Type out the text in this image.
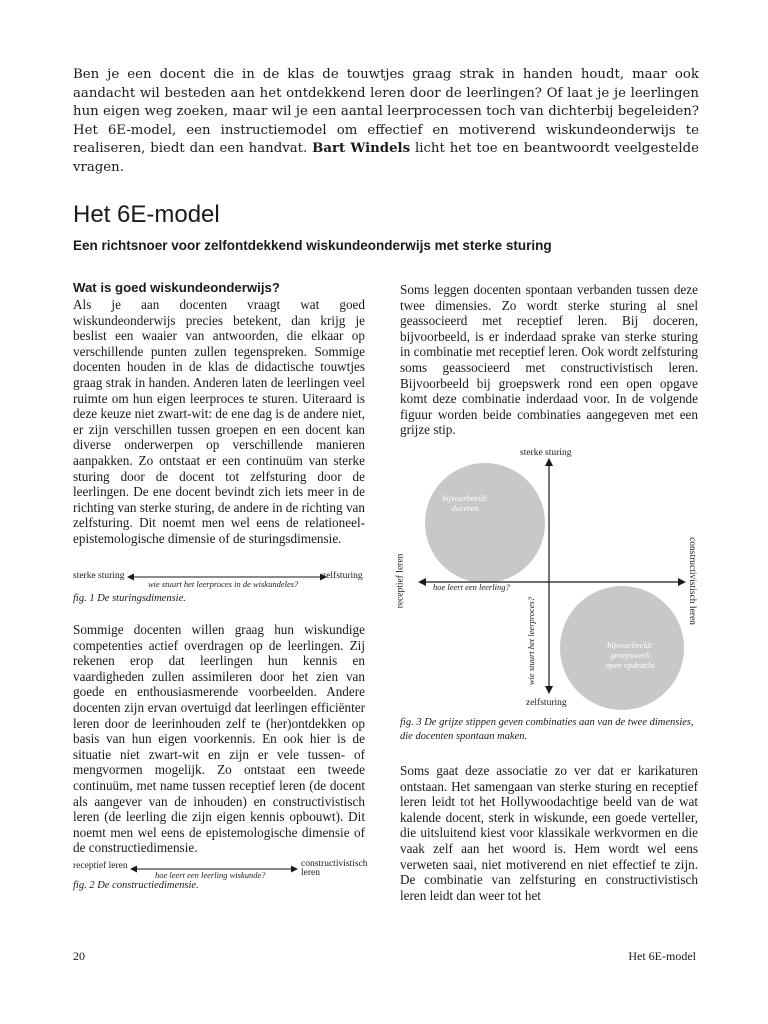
Ben je een docent die in de klas de touwtjes graag strak in handen houdt, maar ook aandacht wil besteden aan het ontdekkend leren door de leerlingen? Of laat je je leerlingen hun eigen weg zoeken, maar wil je een aantal leerprocessen toch van dichterbij begeleiden? Het 6E-model, een instructiemodel om effectief en motiverend wiskundeonderwijs te realiseren, biedt dan een handvat. Bart Windels licht het toe en beantwoordt veelgestelde vragen.
Het 6E-model
Een richtsnoer voor zelfontdekkend wiskundeonderwijs met sterke sturing
Wat is goed wiskundeonderwijs?

Als je aan docenten vraagt wat goed wiskundeonderwijs precies betekent, dan krijg je beslist een waaier van antwoorden, die elkaar op verschillende punten zullen tegenspreken. Sommige docenten houden in de klas de didactische touwtjes graag strak in handen. Anderen laten de leerlingen veel ruimte om hun eigen leerproces te sturen. Uiteraard is deze keuze niet zwart-wit: de ene dag is de andere niet, er zijn verschillen tussen groepen en een docent kan diverse onderwerpen op verschillende manieren aanpakken. Zo ontstaat er een continuüm van sterke sturing door de docent tot zelfsturing door de leerlingen. De ene docent bevindt zich iets meer in de richting van sterke sturing, de andere in de richting van zelfsturing. Dit noemt men wel eens de relationeel-epistemologische dimensie of de sturingsdimensie.

sterke sturing	zelfsturing
wie stuurt het leerproces in de wiskundeles?
fig. 1 De sturingsdimensie.

Sommige docenten willen graag hun wiskundige competenties actief overdragen op de leerlingen. Zij rekenen erop dat leerlingen hun kennis en vaardigheden zullen assimileren door het zien van goede en enthousiasmerende voorbeelden. Andere docenten zijn ervan overtuigd dat leerlingen efficiënter leren door de leerinhouden zelf te (her)ontdekken op basis van hun eigen voorkennis. En ook hier is de situatie niet zwart-wit en zijn er vele tussen- of mengvormen mogelijk. Zo ontstaat een tweede continuüm, met name tussen receptief leren (de docent als aangever van de inhouden) en constructivistisch leren (de leerling die zijn eigen kennis opbouwt). Dit noemt men wel eens de epistemologische dimensie of de constructiedimensie.

receptief leren	constructivistisch leren
hoe leert een leerling wiskunde?
fig. 2 De constructiedimensie.

Soms leggen docenten spontaan verbanden tussen deze twee dimensies. Zo wordt sterke sturing al snel geassocieerd met receptief leren. Bij doceren, bijvoorbeeld, is er inderdaad sprake van sterke sturing in combinatie met receptief leren. Ook wordt zelfsturing soms geassocieerd met constructivistisch leren. Bijvoorbeeld bij groepswerk rond een open opgave komt deze combinatie inderdaad voor. In de volgende figuur worden beide combinaties aangegeven met een grijze stip.

sterke sturing
zelfsturing
receptief leren	constructivistisch leren
hoe leert een leerling?
wie stuurt het leerproces?
bijvoorbeeld:
doceren
bijvoorbeeld:
groepswerk
open opdracht
fig. 3 De grijze stippen geven combinaties aan van de twee dimensies, die docenten spontaan maken.

Soms gaat deze associatie zo ver dat er karikaturen ontstaan. Het samengaan van sterke sturing en receptief leren leidt tot het Hollywoodachtige beeld van de wat kalende docent, sterk in wiskunde, een goede verteller, die uitsluitend kiest voor klassikale werkvormen en die vaak zelf aan het woord is. Hem wordt wel eens verweten saai, niet motiverend en niet effectief te zijn. De combinatie van zelfsturing en constructivistisch leren leidt dan weer tot het

20	Het 6E-model
